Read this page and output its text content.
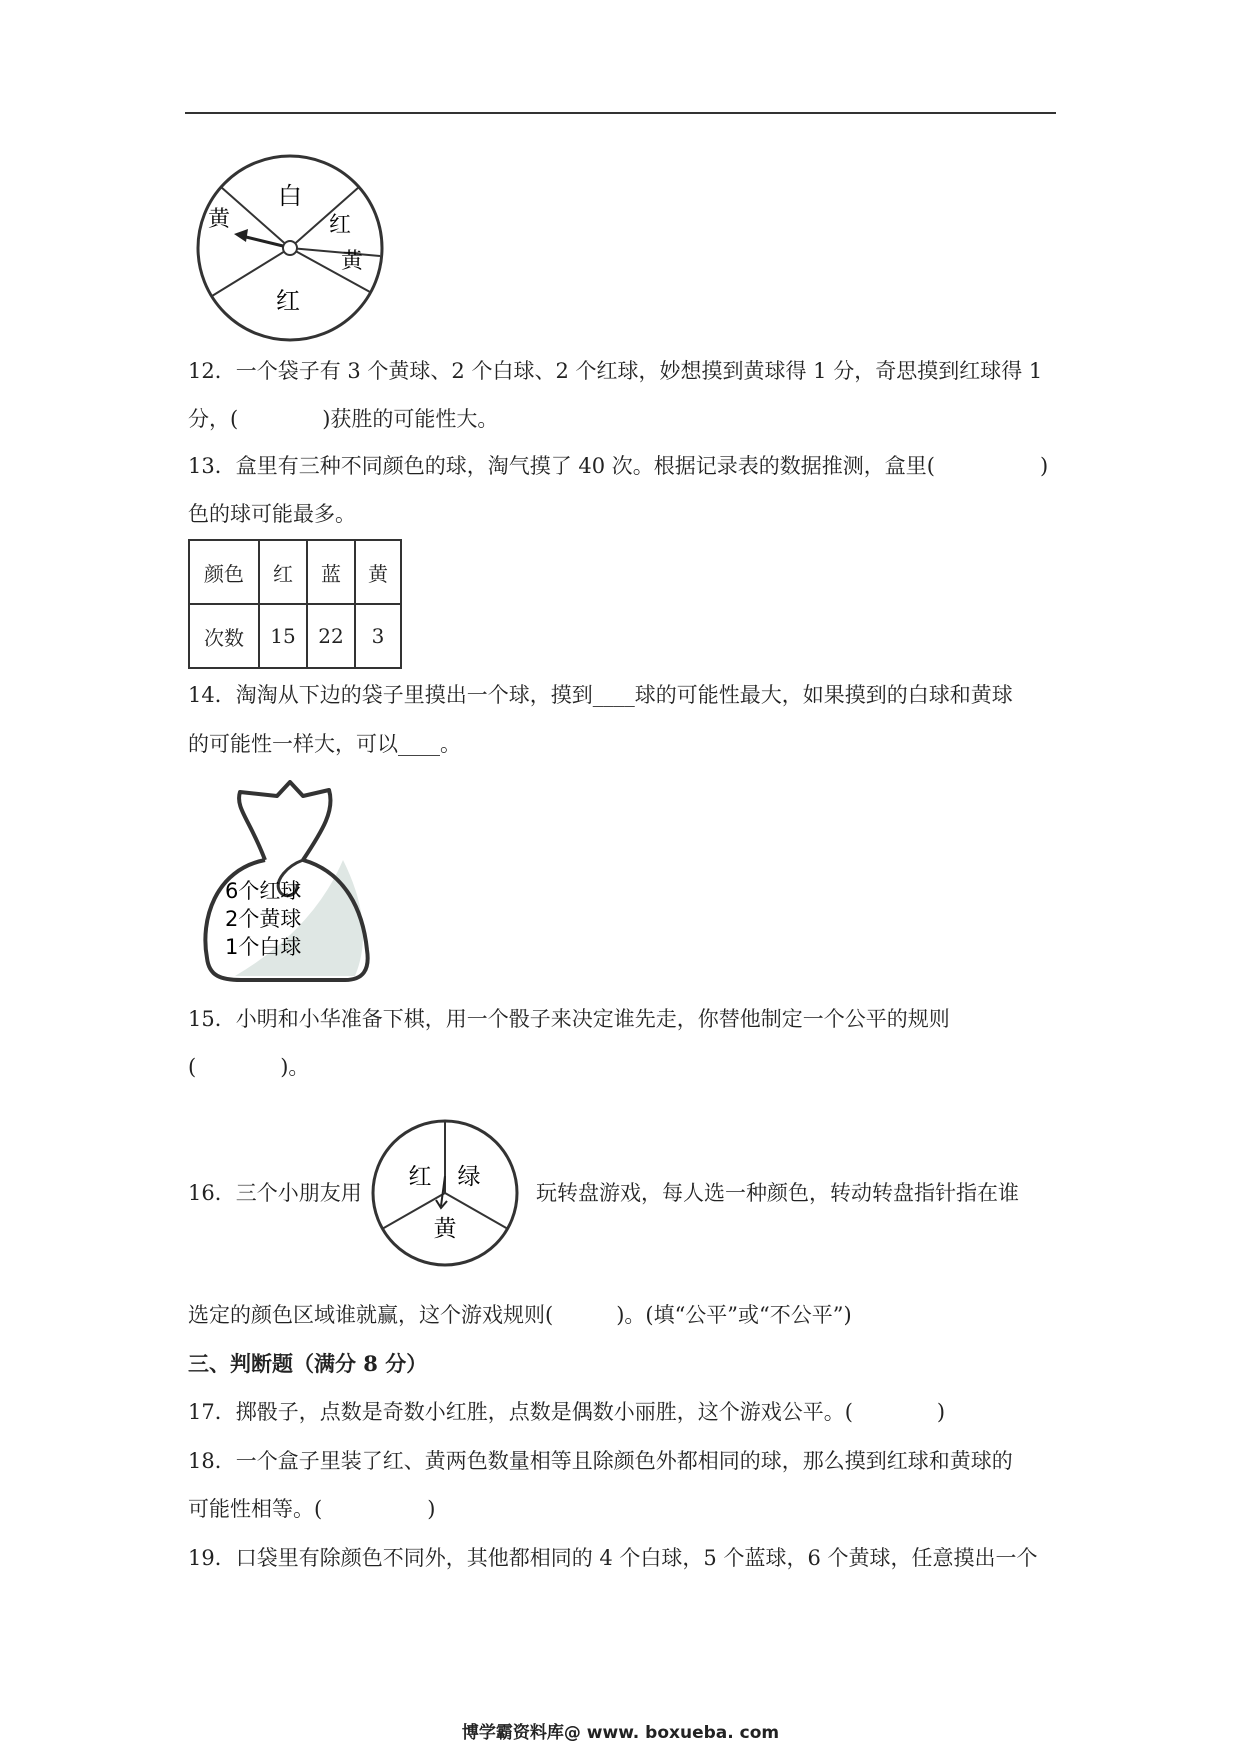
白
红
黄
黄
红
12．一个袋子有 3 个黄球、2 个白球、2 个红球，妙想摸到黄球得 1 分，奇思摸到红球得 1
分，(　　　　)获胜的可能性大。
13．盒里有三种不同颜色的球，淘气摸了 40 次。根据记录表的数据推测，盒里(　　　　　)
色的球可能最多。
颜色	红	蓝	黄
次数	15	22	3
14．淘淘从下边的袋子里摸出一个球，摸到____球的可能性最大，如果摸到的白球和黄球
的可能性一样大，可以____。
6个红球
2个黄球
1个白球
15．小明和小华准备下棋，用一个骰子来决定谁先走，你替他制定一个公平的规则
(　　　　)。
16．三个小朋友用
红 绿
黄
玩转盘游戏，每人选一种颜色，转动转盘指针指在谁
选定的颜色区域谁就赢，这个游戏规则(　　　)。(填“公平”或“不公平”)
三、判断题（满分 8 分）
17．掷骰子，点数是奇数小红胜，点数是偶数小丽胜，这个游戏公平。(　　　　)
18．一个盒子里装了红、黄两色数量相等且除颜色外都相同的球，那么摸到红球和黄球的
可能性相等。(　　　　　)
19．口袋里有除颜色不同外，其他都相同的 4 个白球，5 个蓝球，6 个黄球，任意摸出一个
博学霸资料库@ www. boxueba. com
